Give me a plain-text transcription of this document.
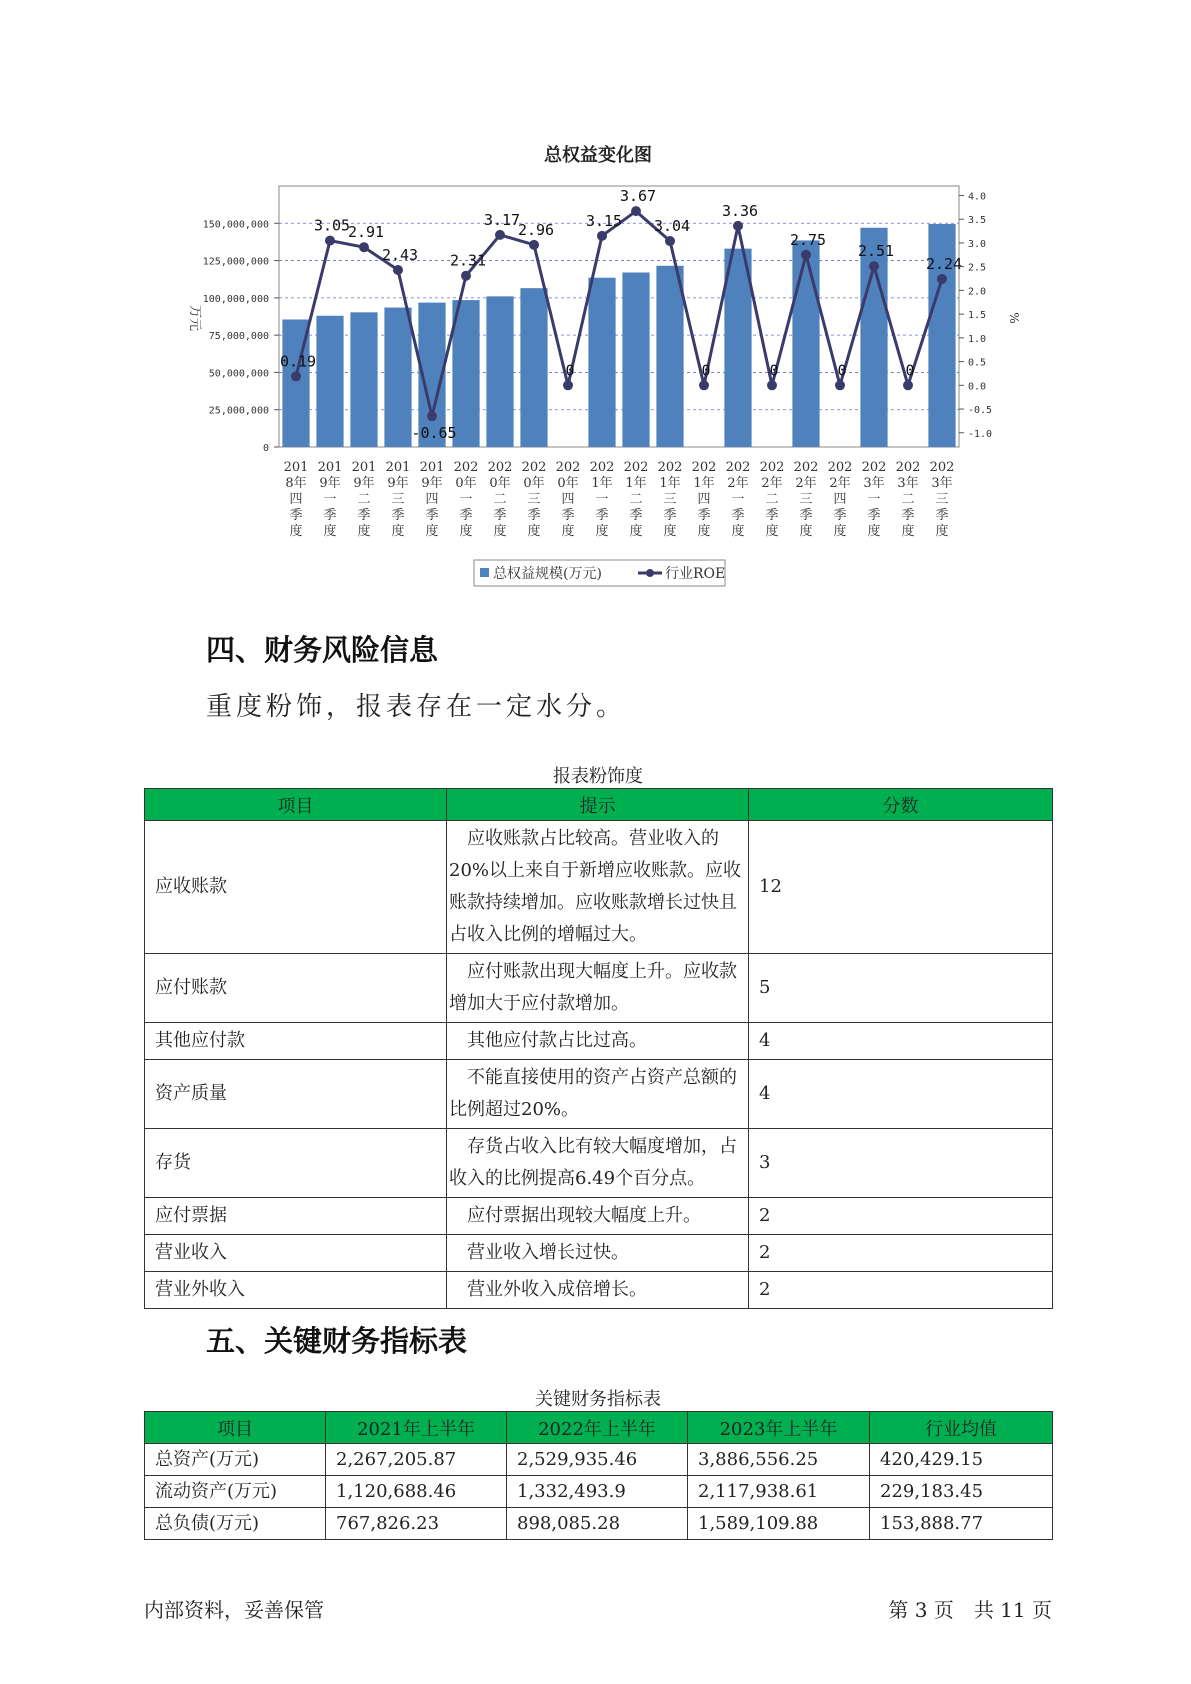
总权益变化图
0.19
3.05
2.91
2.43
-0.65
2.31
3.17
2.96
0
3.15
3.67
3.04
0
3.36
0
2.75
0
2.51
0
2.24
0
25,000,000
50,000,000
75,000,000
100,000,000
125,000,000
150,000,000
-1.0
-0.5
0.0
0.5
1.0
1.5
2.0
2.5
3.0
3.5
4.0
201 8年四季度
201 9年一季度
201 9年二季度
201 9年三季度
201 9年四季度
202 0年一季度
202 0年二季度
202 0年三季度
202 0年四季度
202 1年一季度
202 1年二季度
202 1年三季度
202 1年四季度
202 2年一季度
202 2年二季度
202 2年三季度
202 2年四季度
202 3年一季度
202 3年二季度
202 3年三季度
万元	%
总权益规模(万元)	行业ROE
四、财务风险信息
重度粉饰，报表存在一定水分。
报表粉饰度
项目	提示	分数
应收账款	　应收账款占比较高。营业收入的20%以上来自于新增应收账款。应收账款持续增加。应收账款增长过快且占收入比例的增幅过大。	12
应付账款	　应付账款出现大幅度上升。应收款增加大于应付款增加。	5
其他应付款	　其他应付款占比过高。	4
资产质量	　不能直接使用的资产占资产总额的比例超过20%。	4
存货	　存货占收入比有较大幅度增加，占收入的比例提高6.49个百分点。	3
应付票据	　应付票据出现较大幅度上升。	2
营业收入	　营业收入增长过快。	2
营业外收入	　营业外收入成倍增长。	2
五、关键财务指标表
关键财务指标表
项目	2021年上半年	2022年上半年	2023年上半年	行业均值
总资产(万元)	2,267,205.87	2,529,935.46	3,886,556.25	420,429.15
流动资产(万元)	1,120,688.46	1,332,493.9	2,117,938.61	229,183.45
总负债(万元)	767,826.23	898,085.28	1,589,109.88	153,888.77
内部资料，妥善保管	第 3 页　共 11 页
